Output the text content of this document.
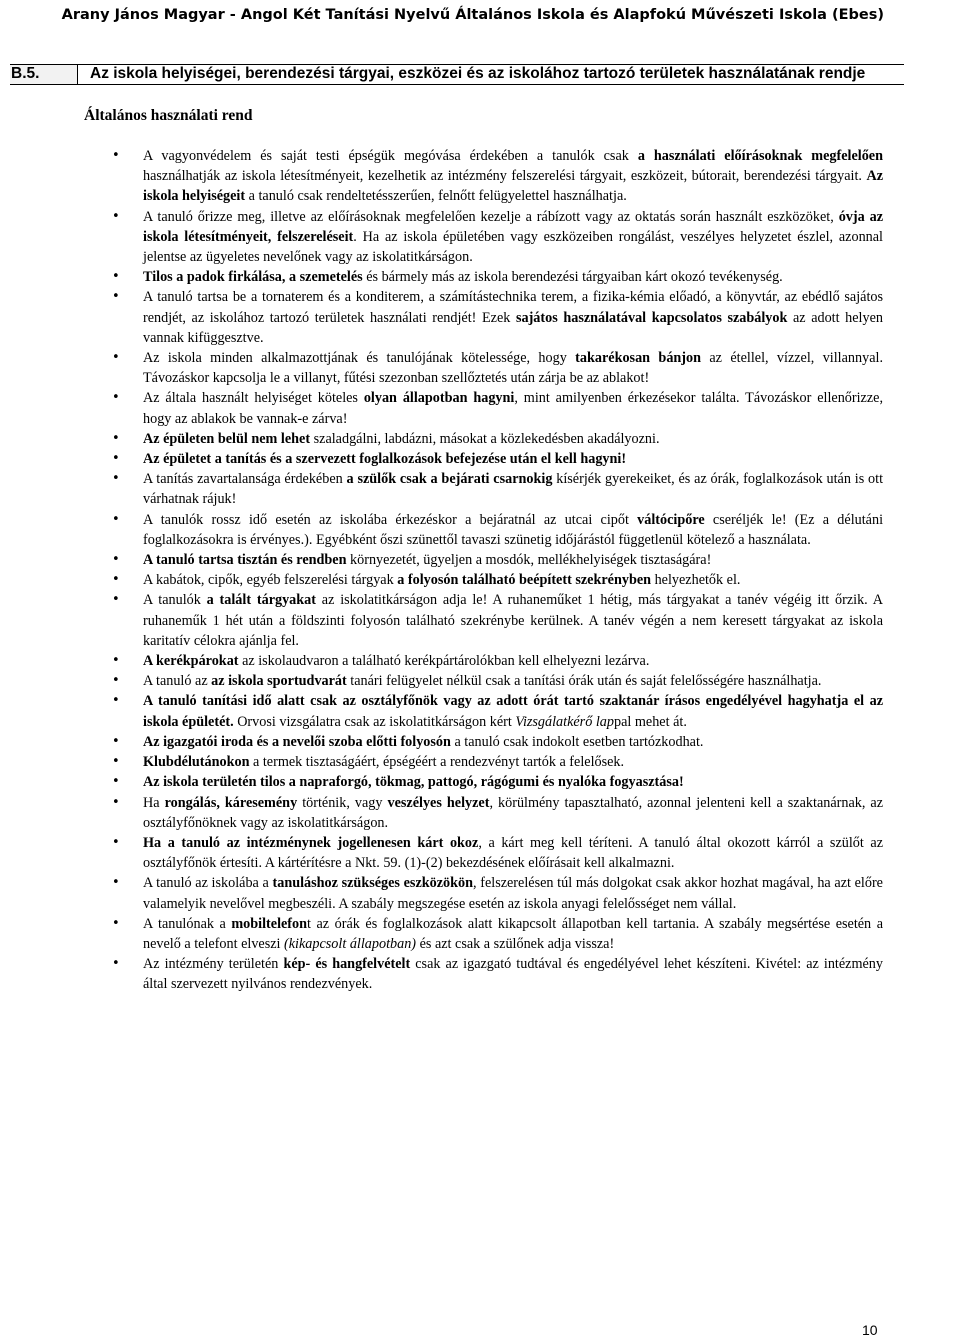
Arany János Magyar - Angol Két Tanítási Nyelvű Általános Iskola és Alapfokú Művészeti Iskola (Ebes)
B.5.	Az iskola helyiségei, berendezési tárgyai, eszközei és az iskolához tartozó területek használatának rendje
Általános használati rend
• A vagyonvédelem és saját testi épségük megóvása érdekében a tanulók csak a használati előírásoknak megfelelően használhatják az iskola létesítményeit, kezelhetik az intézmény felszerelési tárgyait, eszközeit, bútorait, berendezési tárgyait. Az iskola helyiségeit a tanuló csak rendeltetésszerűen, felnőtt felügyelettel használhatja.
• A tanuló őrizze meg, illetve az előírásoknak megfelelően kezelje a rábízott vagy az oktatás során használt eszközöket, óvja az iskola létesítményeit, felszereléseit. Ha az iskola épületében vagy eszközeiben rongálást, veszélyes helyzetet észlel, azonnal jelentse az ügyeletes nevelőnek vagy az iskolatitkárságon.
• Tilos a padok firkálása, a szemetelés és bármely más az iskola berendezési tárgyaiban kárt okozó tevékenység.
• A tanuló tartsa be a tornaterem és a konditerem, a számítástechnika terem, a fizika-kémia előadó, a könyvtár, az ebédlő sajátos rendjét, az iskolához tartozó területek használati rendjét! Ezek sajátos használatával kapcsolatos szabályok az adott helyen vannak kifüggesztve.
• Az iskola minden alkalmazottjának és tanulójának kötelessége, hogy takarékosan bánjon az étellel, vízzel, villannyal. Távozáskor kapcsolja le a villanyt, fűtési szezonban szellőztetés után zárja be az ablakot!
• Az általa használt helyiséget köteles olyan állapotban hagyni, mint amilyenben érkezésekor találta. Távozáskor ellenőrizze, hogy az ablakok be vannak-e zárva!
• Az épületen belül nem lehet szaladgálni, labdázni, másokat a közlekedésben akadályozni.
• Az épületet a tanítás és a szervezett foglalkozások befejezése után el kell hagyni!
• A tanítás zavartalansága érdekében a szülők csak a bejárati csarnokig kísérjék gyerekeiket, és az órák, foglalkozások után is ott várhatnak rájuk!
• A tanulók rossz idő esetén az iskolába érkezéskor a bejáratnál az utcai cipőt váltócipőre cseréljék le! (Ez a délutáni foglalkozásokra is érvényes.). Egyébként őszi szünettől tavaszi szünetig időjárástól függetlenül kötelező a használata.
• A tanuló tartsa tisztán és rendben környezetét, ügyeljen a mosdók, mellékhelyiségek tisztaságára!
• A kabátok, cipők, egyéb felszerelési tárgyak a folyosón található beépített szekrényben helyezhetők el.
• A tanulók a talált tárgyakat az iskolatitkárságon adja le! A ruhaneműket 1 hétig, más tárgyakat a tanév végéig itt őrzik. A ruhaneműk 1 hét után a földszinti folyosón található szekrénybe kerülnek. A tanév végén a nem keresett tárgyakat az iskola karitatív célokra ajánlja fel.
• A kerékpárokat az iskolaudvaron a található kerékpártárolókban kell elhelyezni lezárva.
• A tanuló az az iskola sportudvarát tanári felügyelet nélkül csak a tanítási órák után és saját felelősségére használhatja.
• A tanuló tanítási idő alatt csak az osztályfőnök vagy az adott órát tartó szaktanár írásos engedélyével hagyhatja el az iskola épületét. Orvosi vizsgálatra csak az iskolatitkárságon kért Vizsgálatkérő lappal mehet át.
• Az igazgatói iroda és a nevelői szoba előtti folyosón a tanuló csak indokolt esetben tartózkodhat.
• Klubdélutánokon a termek tisztaságáért, épségéért a rendezvényt tartók a felelősek.
• Az iskola területén tilos a napraforgó, tökmag, pattogó, rágógumi és nyalóka fogyasztása!
• Ha rongálás, káresemény történik, vagy veszélyes helyzet, körülmény tapasztalható, azonnal jelenteni kell a szaktanárnak, az osztályfőnöknek vagy az iskolatitkárságon.
• Ha a tanuló az intézménynek jogellenesen kárt okoz, a kárt meg kell téríteni. A tanuló által okozott kárról a szülőt az osztályfőnök értesíti. A kártérítésre a Nkt. 59. (1)-(2) bekezdésének előírásait kell alkalmazni.
• A tanuló az iskolába a tanuláshoz szükséges eszközökön, felszerelésen túl más dolgokat csak akkor hozhat magával, ha azt előre valamelyik nevelővel megbeszéli. A szabály megszegése esetén az iskola anyagi felelősséget nem vállal.
• A tanulónak a mobiltelefont az órák és foglalkozások alatt kikapcsolt állapotban kell tartania. A szabály megsértése esetén a nevelő a telefont elveszi (kikapcsolt állapotban) és azt csak a szülőnek adja vissza!
• Az intézmény területén kép- és hangfelvételt csak az igazgató tudtával és engedélyével lehet készíteni. Kivétel: az intézmény által szervezett nyilvános rendezvények.
10
